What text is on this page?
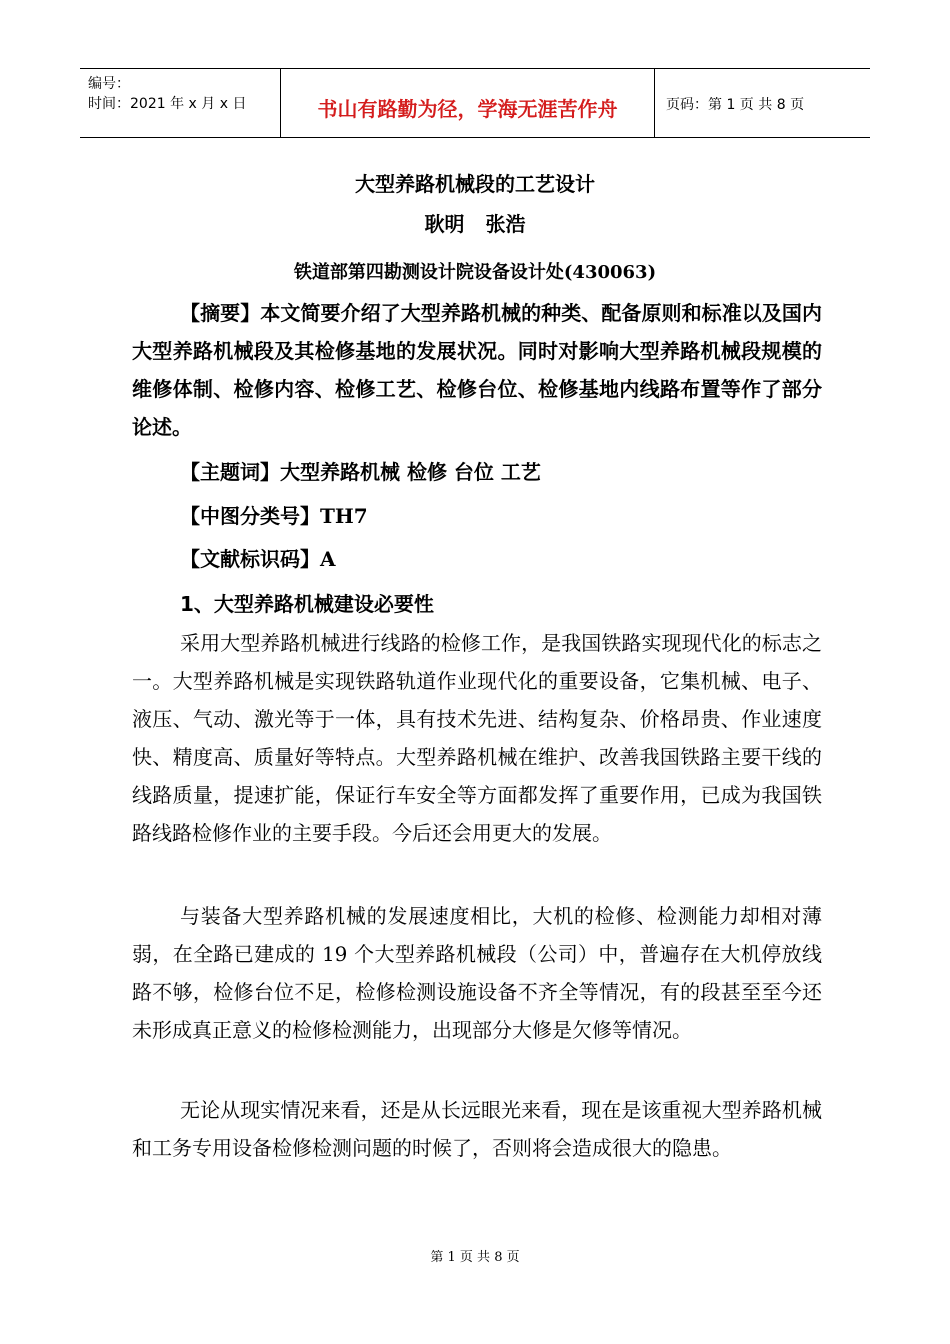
编号：
时间：2021 年 x 月 x 日	书山有路勤为径，学海无涯苦作舟	页码：第 1 页 共 8 页
大型养路机械段的工艺设计
耿明 张浩
铁道部第四勘测设计院设备设计处(430063)

【摘要】本文简要介绍了大型养路机械的种类、配备原则和标准以及国内大型养路机械段及其检修基地的发展状况。同时对影响大型养路机械段规模的维修体制、检修内容、检修工艺、检修台位、检修基地内线路布置等作了部分论述。

【主题词】大型养路机械 检修 台位 工艺
【中图分类号】TH7
【文献标识码】A
1、大型养路机械建设必要性

采用大型养路机械进行线路的检修工作，是我国铁路实现现代化的标志之一。大型养路机械是实现铁路轨道作业现代化的重要设备，它集机械、电子、液压、气动、激光等于一体，具有技术先进、结构复杂、价格昂贵、作业速度快、精度高、质量好等特点。大型养路机械在维护、改善我国铁路主要干线的线路质量，提速扩能，保证行车安全等方面都发挥了重要作用，已成为我国铁路线路检修作业的主要手段。今后还会用更大的发展。

与装备大型养路机械的发展速度相比，大机的检修、检测能力却相对薄弱，在全路已建成的 19 个大型养路机械段（公司）中，普遍存在大机停放线路不够，检修台位不足，检修检测设施设备不齐全等情况，有的段甚至至今还未形成真正意义的检修检测能力，出现部分大修是欠修等情况。

无论从现实情况来看，还是从长远眼光来看，现在是该重视大型养路机械和工务专用设备检修检测问题的时候了，否则将会造成很大的隐患。

第 1 页 共 8 页
